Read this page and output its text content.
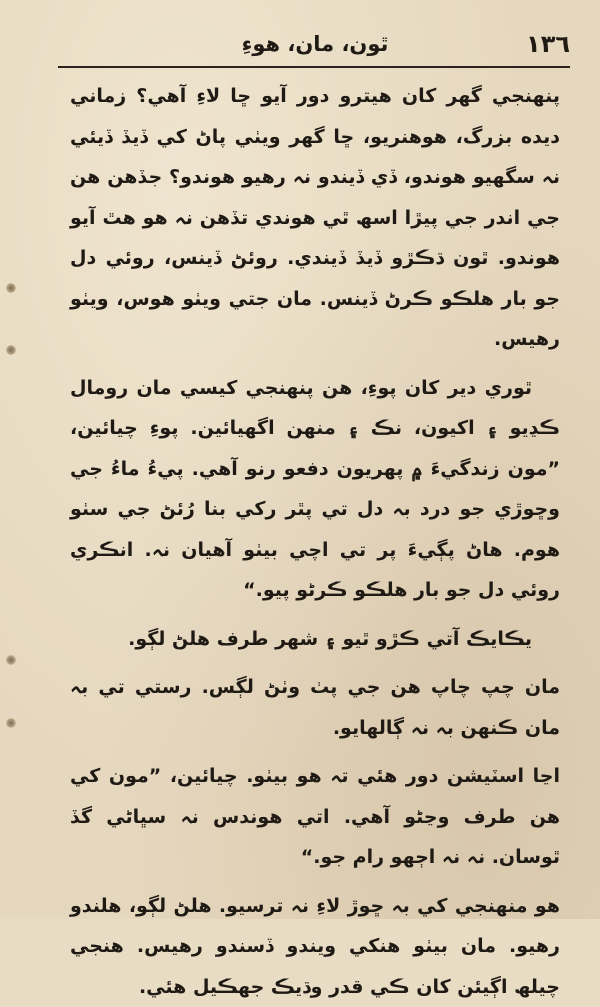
١٣٦
ٿون، مان، هوءِ

پنهنجي گهر کان هيترو دور آيو ڇا لاءِ آهي؟ زماني ديده بزرگ، هوهنريو، ڇا گهر ويٺي پاڻ کي ڏيڏ ڏيئي نہ سگهيو هوندو، ڏي ڏيندو نہ رهيو هوندو؟ جڏهن هن جي اندر جي پيڙا اسھ ٿي هوندي تڏهن نہ هو هٿ آيو هوندو. ٿون ڌڪڙو ڏيڏ ڏيندي. روئڻ ڏينس، روئي دل جو بار هلڪو ڪرڻ ڏينس. مان جتي ويٺو هوس، ويٺو رهيس.

ٿوري دير کان پوءِ، هن پنهنجي کيسي مان رومال ڪڍيو ۽ اکيون، نڪ ۽ منهن اگهيائين. پوءِ چيائين، ”مون زندگيءَ ۾ پهريون دفعو رنو آهي. پيءُ ماءُ جي وڇوڙي جو درد بہ دل تي پٿر رکي بنا رُئڻ جي سٺو هوم. هاڻ پڳيءَ پر تي اچي بيٺو آهيان نہ. انڪري روئي دل جو بار هلڪو ڪرڻو پيو.“

يڪايڪ آتي ڪڙو ٿيو ۽ شهر طرف هلڻ لڳو.

مان چپ چاپ هن جي پٺ وٺڻ لڳس. رستي تي بہ مان ڪنهن بہ نہ ڳالهايو.

اڃا اسٽيشن دور هئي تہ هو بيٺو. چيائين، ”مون کي هن طرف وڃڻو آهي. اتي هوندس نہ سڀاڻي گڏ ٿوسان. نہ نہ اڄهو رام جو.“

هو منهنجي کي بہ ڇوڙ لاءِ نہ ترسيو. هلڻ لڳو، هلندو رهيو. مان بيٺو هنکي ويندو ڏسندو رهيس. هنجي چيلھ اڳيئن کان ڪي قدر وڌيڪ جهڪيل هئي.
